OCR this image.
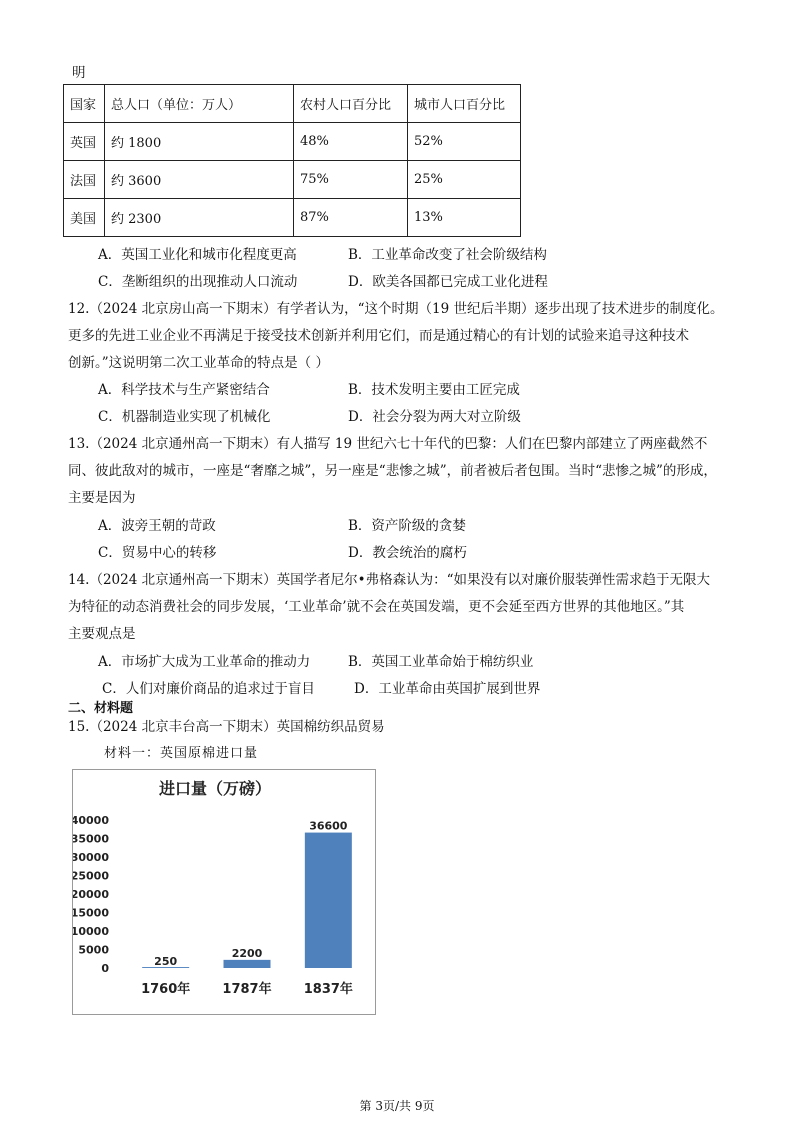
明
国家	总人口（单位：万人）	农村人口百分比	城市人口百分比
英国	约 1800	48%	52%
法国	约 3600	75%	25%
美国	约 2300	87%	13%
A．英国工业化和城市化程度更高	B．工业革命改变了社会阶级结构
C．垄断组织的出现推动人口流动	D．欧美各国都已完成工业化进程
12.（2024 北京房山高一下期末）有学者认为，“这个时期（19 世纪后半期）逐步出现了技术进步的制度化。
更多的先进工业企业不再满足于接受技术创新并利用它们，而是通过精心的有计划的试验来追寻这种技术
创新。”这说明第二次工业革命的特点是（ ）
A．科学技术与生产紧密结合	B．技术发明主要由工匠完成
C．机器制造业实现了机械化	D．社会分裂为两大对立阶级
13.（2024 北京通州高一下期末）有人描写 19 世纪六七十年代的巴黎：人们在巴黎内部建立了两座截然不
同、彼此敌对的城市，一座是“奢靡之城”，另一座是“悲惨之城”，前者被后者包围。当时“悲惨之城”的形成，
主要是因为
A．波旁王朝的苛政	B．资产阶级的贪婪
C．贸易中心的转移	D．教会统治的腐朽
14.（2024 北京通州高一下期末）英国学者尼尔•弗格森认为：“如果没有以对廉价服装弹性需求趋于无限大
为特征的动态消费社会的同步发展，‘工业革命’就不会在英国发端，更不会延至西方世界的其他地区。”其
主要观点是
A．市场扩大成为工业革命的推动力	B．英国工业革命始于棉纺织业
C．人们对廉价商品的追求过于盲目	D．工业革命由英国扩展到世界
二、材料题
15.（2024 北京丰台高一下期末）英国棉纺织品贸易
材料一：英国原棉进口量
进口量（万磅）
0
5000
10000
15000
20000
25000
30000
35000
40000
250
2200
36600
1760年 1787年 1837年
第 3页/共 9页
